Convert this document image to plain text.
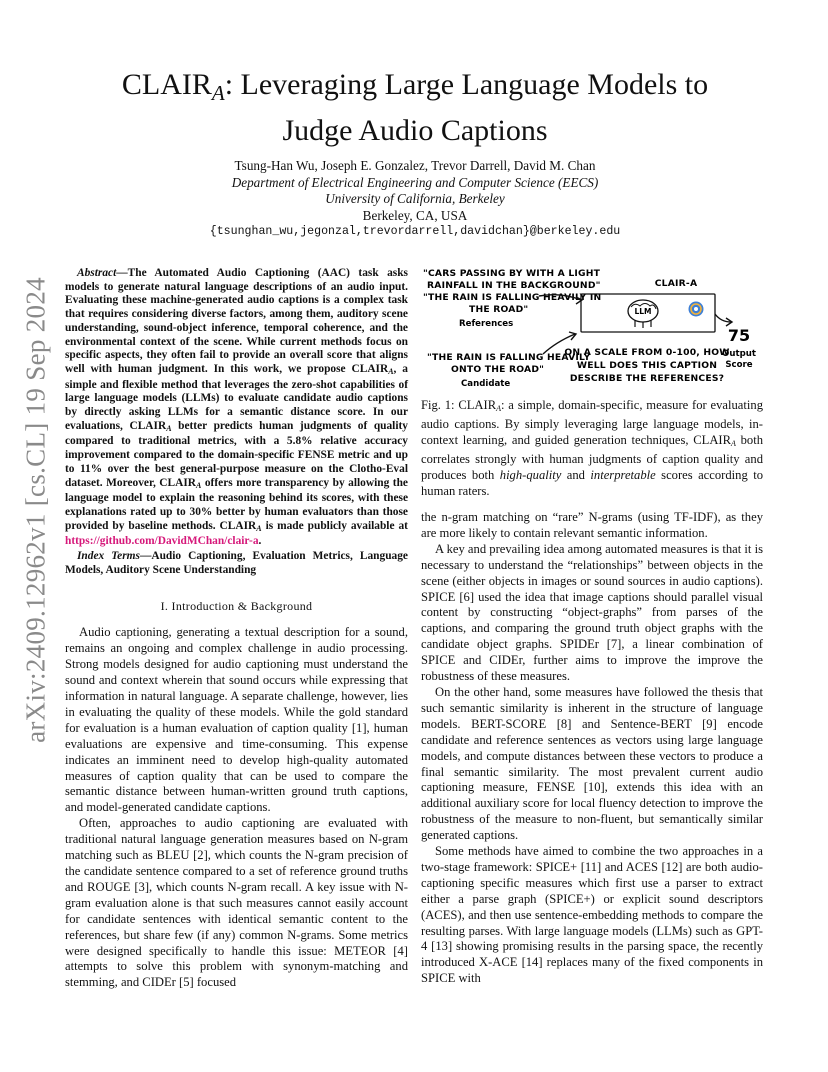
arXiv:2409.12962v1 [cs.CL] 19 Sep 2024
$CLAIR_A$: Leveraging Large Language Models to
Judge Audio Captions
Tsung-Han Wu, Joseph E. Gonzalez, Trevor Darrell, David M. Chan
Department of Electrical Engineering and Computer Science (EECS)
University of California, Berkeley
Berkeley, CA, USA
{tsunghan_wu,jegonzal,trevordarrell,davidchan}@berkeley.edu

Abstract—The Automated Audio Captioning (AAC) task asks models to generate natural language descriptions of an audio input. Evaluating these machine-generated audio captions is a complex task that requires considering diverse factors, among them, auditory scene understanding, sound-object inference, temporal coherence, and the environmental context of the scene. While current methods focus on specific aspects, they often fail to provide an overall score that aligns well with human judgment. In this work, we propose $CLAIR_A$, a simple and flexible method that leverages the zero-shot capabilities of large language models (LLMs) to evaluate candidate audio captions by directly asking LLMs for a semantic distance score. In our evaluations, $CLAIR_A$ better predicts human judgments of quality compared to traditional metrics, with a 5.8% relative accuracy improvement compared to the domain-specific FENSE metric and up to 11% over the best general-purpose measure on the Clotho-Eval dataset. Moreover, $CLAIR_A$ offers more transparency by allowing the language model to explain the reasoning behind its scores, with these explanations rated up to 30% better by human evaluators than those provided by baseline methods. $CLAIR_A$ is made publicly available at https://github.com/DavidMChan/clair-a.

Index Terms—Audio Captioning, Evaluation Metrics, Language Models, Auditory Scene Understanding

I. Introduction & Background

Audio captioning, generating a textual description for a sound, remains an ongoing and complex challenge in audio processing. Strong models designed for audio captioning must understand the sound and context wherein that sound occurs while expressing that information in natural language. A separate challenge, however, lies in evaluating the quality of these models. While the gold standard for evaluation is a human evaluation of caption quality [1], human evaluations are expensive and time-consuming. This expense indicates an imminent need to develop high-quality automated measures of caption quality that can be used to compare the semantic distance between human-written ground truth captions, and model-generated candidate captions.

Often, approaches to audio captioning are evaluated with traditional natural language generation measures based on N-gram matching such as BLEU [2], which counts the N-gram precision of the candidate sentence compared to a set of reference ground truths and ROUGE [3], which counts N-gram recall. A key issue with N-gram evaluation alone is that such measures cannot easily account for candidate sentences with identical semantic content to the references, but share few (if any) common N-grams. Some metrics were designed specifically to handle this issue: METEOR [4] attempts to solve this problem with synonym-matching and stemming, and CIDEr [5] focused

"CARS PASSING BY WITH A LIGHT
RAINFALL IN THE BACKGROUND"
"THE RAIN IS FALLING HEAVILY IN
THE ROAD"
References
"THE RAIN IS FALLING HEAVILY
ONTO THE ROAD"
Candidate
CLAIR-A
LLM
75
Output
Score
ON A SCALE FROM 0-100, HOW
WELL DOES THIS CAPTION
DESCRIBE THE REFERENCES?
Fig. 1: $CLAIR_A$: a simple, domain-specific, measure for evaluating audio captions. By simply leveraging large language models, in-context learning, and guided generation techniques, $CLAIR_A$ both correlates strongly with human judgments of caption quality and produces both high-quality and interpretable scores according to human raters.

the n-gram matching on “rare” N-grams (using TF-IDF), as they are more likely to contain relevant semantic information.

A key and prevailing idea among automated measures is that it is necessary to understand the “relationships” between objects in the scene (either objects in images or sound sources in audio captions). SPICE [6] used the idea that image captions should parallel visual content by constructing “object-graphs” from parses of the captions, and comparing the ground truth object graphs with the candidate object graphs. SPIDEr [7], a linear combination of SPICE and CIDEr, further aims to improve the improve the robustness of these measures.

On the other hand, some measures have followed the thesis that such semantic similarity is inherent in the structure of language models. BERT-SCORE [8] and Sentence-BERT [9] encode candidate and reference sentences as vectors using large language models, and compute distances between these vectors to produce a final semantic similarity. The most prevalent current audio captioning measure, FENSE [10], extends this idea with an additional auxiliary score for local fluency detection to improve the robustness of the measure to non-fluent, but semantically similar generated captions.

Some methods have aimed to combine the two approaches in a two-stage framework: SPICE+ [11] and ACES [12] are both audio-captioning specific measures which first use a parser to extract either a parse graph (SPICE+) or explicit sound descriptors (ACES), and then use sentence-embedding methods to compare the resulting parses. With large language models (LLMs) such as GPT-4 [13] showing promising results in the parsing space, the recently introduced X-ACE [14] replaces many of the fixed components in SPICE with
